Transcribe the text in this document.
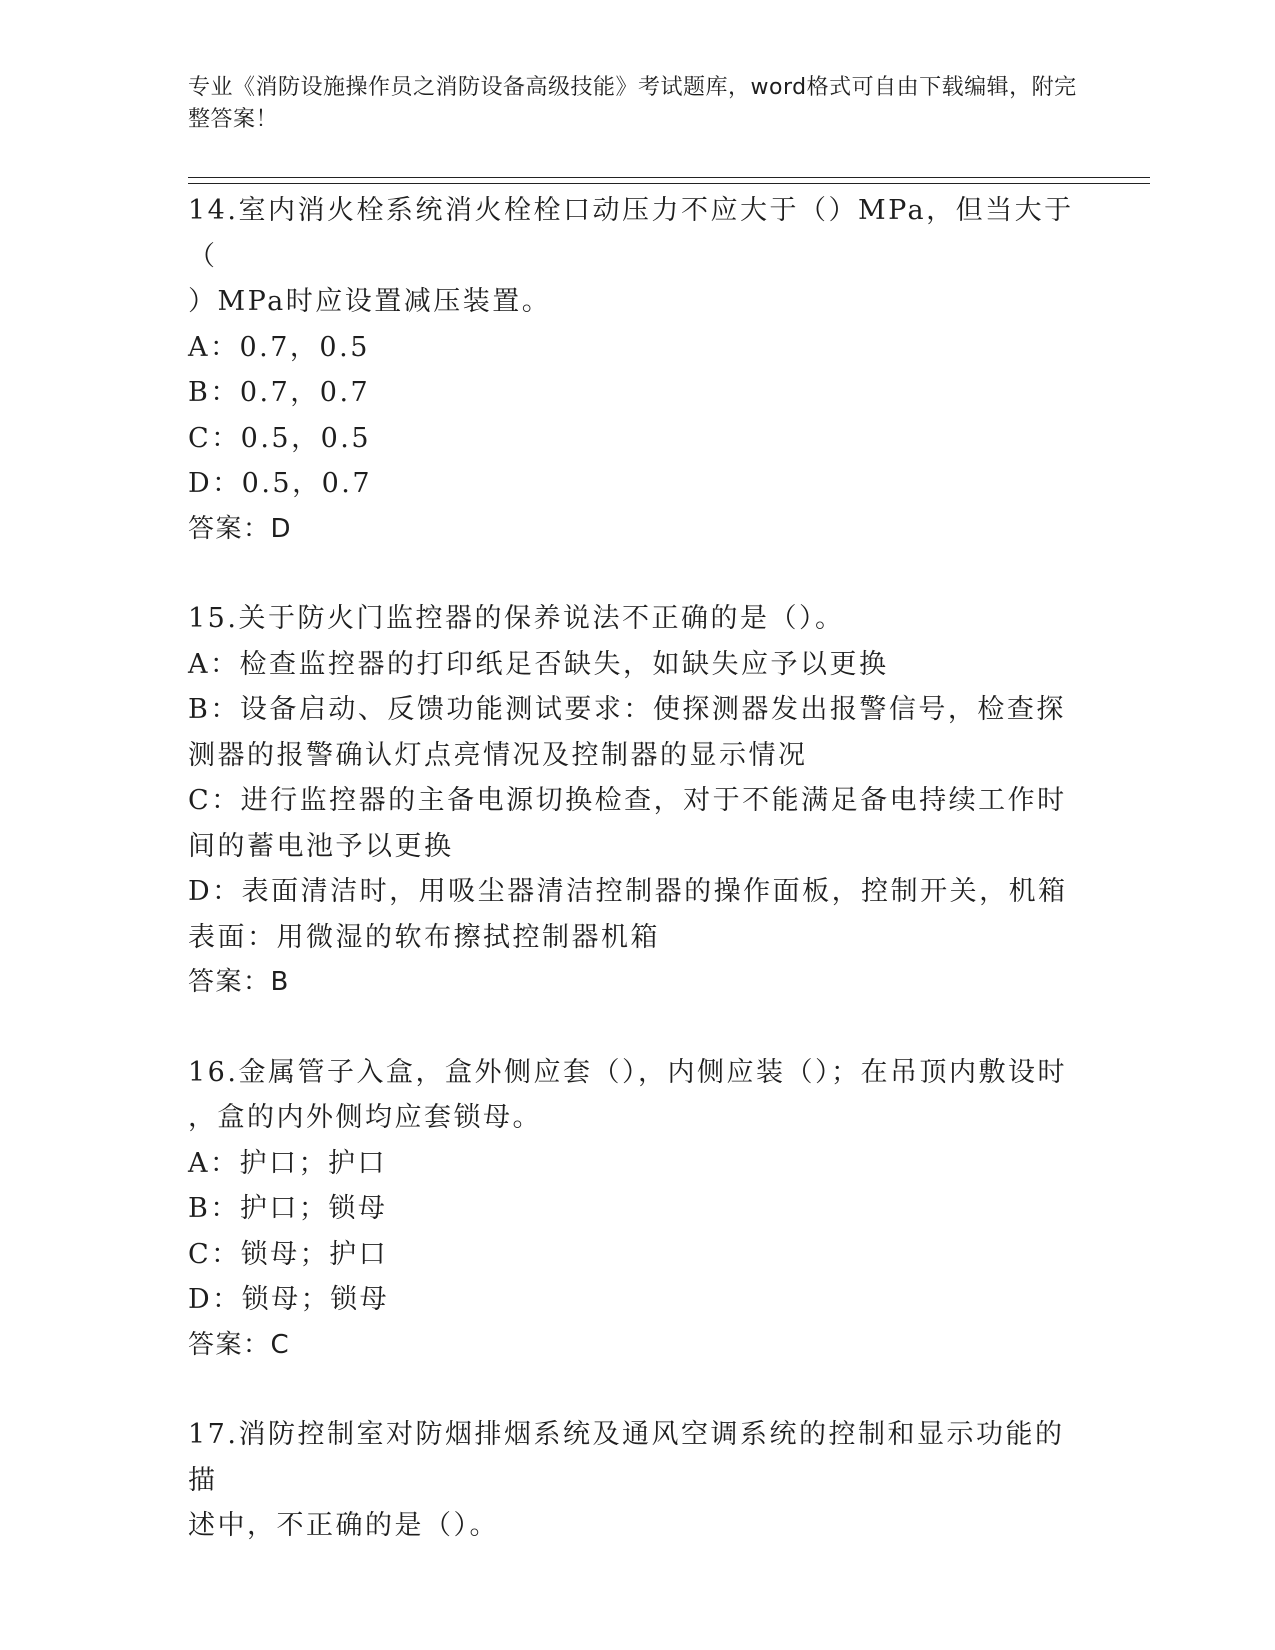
专业《消防设施操作员之消防设备高级技能》考试题库，word格式可自由下载编辑，附完整答案！
14.室内消火栓系统消火栓栓口动压力不应大于（）MPa，但当大于（
）MPa时应设置减压装置。
A：0.7，0.5
B：0.7，0.7
C：0.5，0.5
D：0.5，0.7
答案：D
15.关于防火门监控器的保养说法不正确的是（）。
A：检查监控器的打印纸足否缺失，如缺失应予以更换
B：设备启动、反馈功能测试要求：使探测器发出报警信号，检查探测器的报警确认灯点亮情况及控制器的显示情况
C：进行监控器的主备电源切换检查，对于不能满足备电持续工作时间的蓄电池予以更换
D：表面清洁时，用吸尘器清洁控制器的操作面板，控制开关，机箱表面：用微湿的软布擦拭控制器机箱
答案：B
16.金属管子入盒，盒外侧应套（），内侧应装（）；在吊顶内敷设时
，盒的内外侧均应套锁母。
A：护口；护口
B：护口；锁母
C：锁母；护口
D：锁母；锁母
答案：C
17.消防控制室对防烟排烟系统及通风空调系统的控制和显示功能的描
述中，不正确的是（）。
